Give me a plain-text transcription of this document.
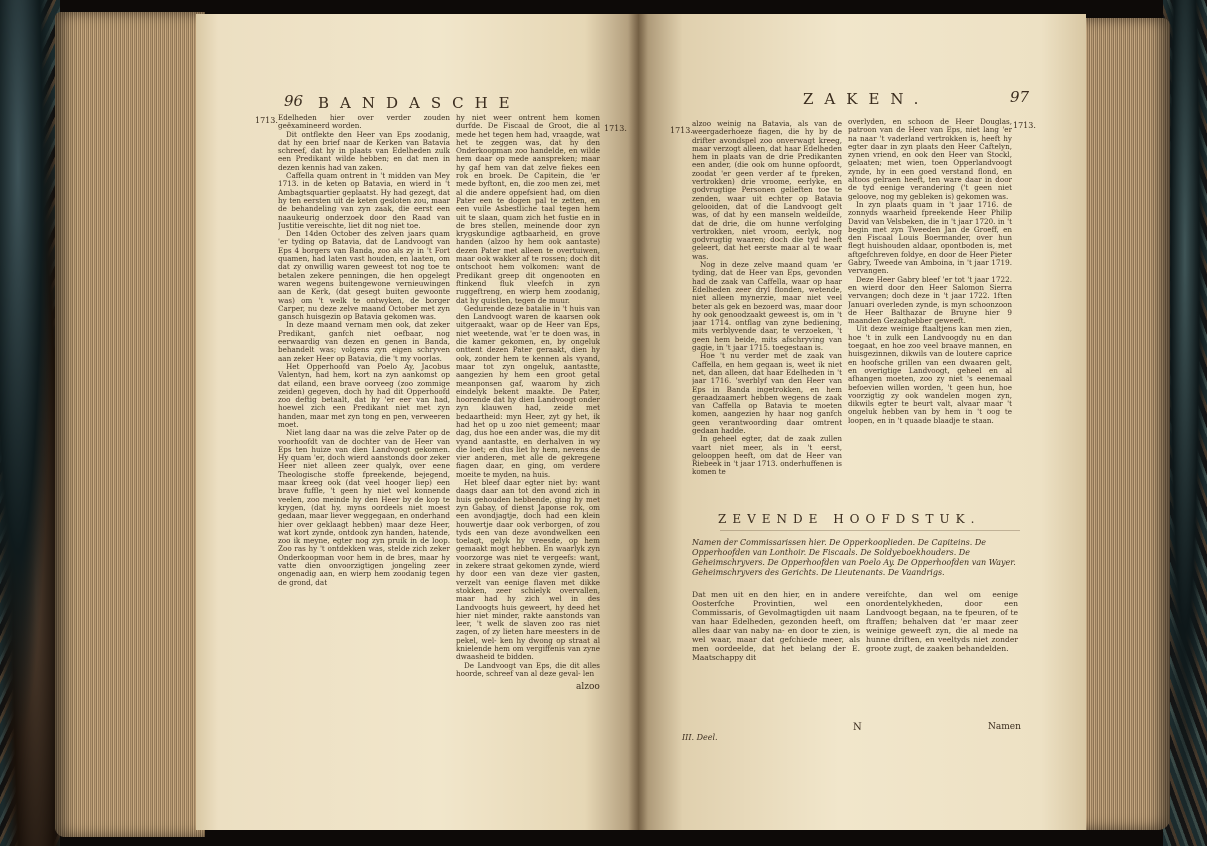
96 BANDASCHE
1713.
1713.

Edelheden hier over verder zouden geëxamineerd worden.

Dit ontflekte den Heer van Eps zoodanig, dat hy een brief naar de Kerken van Batavia schreef, dat hy in plaats van Edelheden zulk een Predikant wilde hebben; en dat men in dezen kennis had van zaken.

Caffella quam ontrent in 't midden van Mey 1713. in de keten op Batavia, en wierd in 't Ambagtsquartier geplaatst. Hy had gezegt, dat hy ten eersten uit de keten gesloten zou, maar de behandeling van zyn zaak, die eerst een naaukeurig onderzoek door den Raad van Justitie vereischte, liet dit nog niet toe.

Den 14den October des zelven jaars quam 'er tyding op Batavia, dat de Landvoogt van Eps 4 borgers van Banda, zoo als zy in 't Fort quamen, had laten vast houden, en laaten, om dat zy onwillig waren geweest tot nog toe te betalen zekere penningen, die hen opgelegt waren wegens buitengewone vernieuwingen aan de Kerk, (dat gesegt buiten gewoonte was) om 't welk te ontwyken, de borger Carper, nu deze zelve maand October met zyn gansch huisgezin op Batavia gekomen was.

In deze maand vernam men ook, dat zeker Predikant, ganfch niet oefbaar, nog eerwaardig van dezen en genen in Banda, behandelt was; volgens zyn eigen schryven aan zeker Heer op Batavia, die 't my voorlas.

Het Opperhoofd van Poelo Ay, Jacobus Valentyn, had hem, kort na zyn aankomst op dat eiland, een brave oorveeg (zoo zommige zeiden) gegeven, doch hy had dit Opperhoofd zoo deftig betaalt, dat hy 'er eer van had, hoewel zich een Predikant niet met zyn handen, maar met zyn tong en pen, verweeren moet.

Niet lang daar na was die zelve Pater op de voorhoofdt van de dochter van de Heer van Eps ten huize van dien Landvoogt gekomen. Hy quam 'er, doch wierd aanstonds door zeker Heer niet alleen zeer qualyk, over eene Theologische stoffe fpreekende, bejegend, maar kreeg ook (dat veel hooger liep) een brave fuffle, 't geen hy niet wel konnende veelen, zoo meinde hy den Heer by de kop te krygen, (dat hy, myns oordeels niet moest gedaan, maar liever weggegaan, en onderhand hier over geklaagt hebben) maar deze Heer, wat kort zynde, ontdook zyn handen, hatende, zoo ik meyne, egter nog zyn pruik in de loop. Zoo ras hy 't ontdekken was, stelde zich zeker Onderkoopman voor hem in de bres, maar hy vatte dien onvoorzigtigen jongeling zeer ongenadig aan, en wierp hem zoodanig tegen de grond, dat

hy niet weer ontrent hem komen durfde. De Fiscaal de Groot, die al mede het tegen hem had, vraagde, wat het te zeggen was, dat hy den Onderkoopman zoo handelde, en wilde hem daar op mede aanspreken; maar hy gaf hem van dat zelve fiekes een rok en broek. De Capitein, die 'er mede byftont, en, die zoo men zei, met al die andere oppefsient had, om dien Pater een te dogen pal te zetten, en een vuile Asbestliche taal tegen hem uit te slaan, quam zich het fustie en in de bres stellen, meinende door zyn krygskundige agtbaarheid, en grove handen (alzoo hy hem ook aantaste) dezen Pater met alleen te overtuiwen, maar ook wakker af te rossen; doch dit ontschoot hem volkomen: want de Predikant greep dit ongenooten en ftinkend fluk vleefch in zyn ruggeftreng, en wierp hem zoodanig, dat hy quistlen, tegen de muur.

Gedurende deze batalie in 't huis van den Landvoogt waren de kaarsen ook uitgeraakt, waar op de Heer van Eps, niet weetende, wat 'er te doen was, in die kamer gekomen, en, by ongeluk onttent dezen Pater geraakt, dien hy ook, zonder hem te kennen als vyand, maar tot zyn ongeluk, aantastte, aangezien hy hem een groot getal meanponsen gaf, waarom hy zich eindelyk bekent maakte. De Pater, hoorende dat hy dien Landvoogt onder zyn klauwen had, zeide met bedaartheid: myn Heer, zyt gy het, ik had het op u zoo niet gemeent; maar dag, dus hoe een ander was, die my dit vyand aantastte, en derhalven in wy die loet; en dus liet hy hem, nevens de vier anderen, met alle de gekregene fiagen daar, en ging, om verdere moeite te myden, na huis.

Het bleef daar egter niet by: want daags daar aan tot den avond zich in huis gehouden hebbende, ging hy met zyn Gabay, of dienst Japonse rok, om een avondjagtje, doch had een klein houwertje daar ook verborgen, of zou tyds een van deze avondwelken een toelagt, gelyk hy vreesde, op hem gemaakt mogt hebben. En waarlyk zyn voorzorge was niet te vergeefs: want, in zekere straat gekomen zynde, wierd hy door een van deze vier gasten, verzelt van eenige flaven met dikke stokken, zeer schielyk overvallen, maar had hy zich wel in des Landvoogts huis geweert, hy deed het hier niet minder, rakte aanstonds van leer, 't welk de slaven zoo ras niet zagen, of zy lieten hare meesters in de pekel, wel- ken hy dwong op straat al knielende hem om vergiffenis van zyne dwaasheid te bidden.

De Landvoogt van Eps, die dit alles hoorde, schreef van al deze geval- len

alzoo
ZAKEN.	97
1713.
1713.

alzoo weinig na Batavia, als van de weergaderhoeze fiagen, die hy by de drifter avondspel zoo onverwagt kreeg, maar verzogt alleen, dat haar Edelheden hem in plaats van de drie Predikanten een ander, (die ook om hunne opfoordt, zoodat 'er geen verder af te fpreken, vertrokken) drie vroome, eerlyke, en godvrugtige Personen gelieften toe te zenden, waar uit echter op Batavia gelooiden, dat of die Landvoogt gelt was, of dat hy een manseln weldeilde, dat de drie, die om hunne verfolging vertrokken, niet vroom, eerlyk, nog godvrugtig waaren; doch die tyd heeft geleert, dat het eerste maar al te waar was.

Nog in deze zelve maand quam 'er tyding, dat de Heer van Eps, gevonden had de zaak van Caffella, waar op haar Edelheden zeer dryl flonden, wetende, niet alleen mynerzie, maar niet veel beter als gek en bezoerd was, maar door hy ook genoodzaakt geweest is, om in 't jaar 1714. ontflag van zyne bediening, mits verblyvende daar, te verzoeken, 't geen hem beide, mits afschryving van gagie, in 't jaar 1715. toegestaan is.

Hoe 't nu verder met de zaak van Caffella, en hem gegaan is, weet ik niet net, dan alleen, dat haar Edelheden in 't jaar 1716. 'sverblyf van den Heer van Eps in Banda ingetrokken, en hem geraadzaamert hebben wegens de zaak van Caffella op Batavia te moeten komen, aangezien hy haar nog ganfch geen verantwoording daar omtrent gedaan hadde.

In geheel egter, dat de zaak zullen vaart niet meer, als in 't eerst, gelooppen heeft, om dat de Heer van Riebeek in 't jaar 1713. onderhuffenen is komen te

overlyden, en schoon de Heer Douglas, patroon van de Heer van Eps, niet lang 'er na naar 't vaderland vertrokken is, heeft hy egter daar in zyn plaats den Heer Caftelyn, zynen vriend, en ook den Heer van Stockl, gelaaten; met wien, toen Opperlandvoogt zynde, hy in een goed verstand flond, en altoos gelraen heeft, ten ware daar in door de tyd eenige verandering ('t geen niet geloove, nog my gebleken is) gekomen was.

In zyn plaats quam in 't jaar 1716. de zonnyds waarheid fpreekende Heer Philip David van Velsbeken, die in 't jaar 1720. in 't begin met zyn Tweeden Jan de Groeff, en den Fiscaal Louis Boermander, over hun flegt huishouden aldaar, opontboden is, met aftgefchreven foldye, en door de Heer Pieter Gabry, Tweede van Amboina, in 't jaar 1719. vervangen.

Deze Heer Gabry bleef 'er tot 't jaar 1722. en wierd door den Heer Salomon Sierra vervangen; doch deze in 't jaar 1722. 1ften Januari overleden zynde, is myn schoonzoon de Heer Balthazar de Bruyne hier 9 maanden Gezaghebber geweeft.

Uit deze weinige ftaaltjens kan men zien, hoe 't in zulk een Landvoogdy nu en dan toegaat, en hoe zoo veel braave mannen, en huisgezinnen, dikwils van de loutere caprice en hoofsche grillen van een dwaaren gelt, en overigtige Landvoogt, geheel en al afhangen moeten, zoo zy niet 's eenemaal befoevien willen worden, 't geen hun, hoe voorzigtig zy ook wandelen mogen zyn, dikwils egter te beurt valt, alvaar maar 't ongeluk hebben van by hem in 't oog te loopen, en in 't quaade blaadje te staan.

ZEVENDE HOOFDSTUK.
Namen der Commissarissen hier. De Opperkooplieden. De Capiteins. De Opperhoofden van Lonthoir. De Fiscaals. De Soldyeboekhouders. De Geheimschryvers. De Opperhoofden van Poelo Ay. De Opperhoofden van Wayer. Geheimschryvers des Gerichts. De Lieutenants. De Vaandrigs.
Dat men uit en den hier, en in andere Oosterfche Provintien, wel een Commissaris, of Gevolmagtigden uit naam van haar Edelheden, gezonden heeft, om alles daar van naby na- en door te zien, is wel waar, maar dat gefchiede meer, als men oordeelde, dat het belang der E. Maatschappy dit
vereifchte, dan wel om eenige onordentelykheden, door een Landvoogt begaan, na te fpeuren, of te ftraffen; behalven dat 'er maar zeer weinige geweeft zyn, die al mede na hunne driften, en veeltyds niet zonder groote zugt, de zaaken behandelden.
III. Deel.
N	Namen
